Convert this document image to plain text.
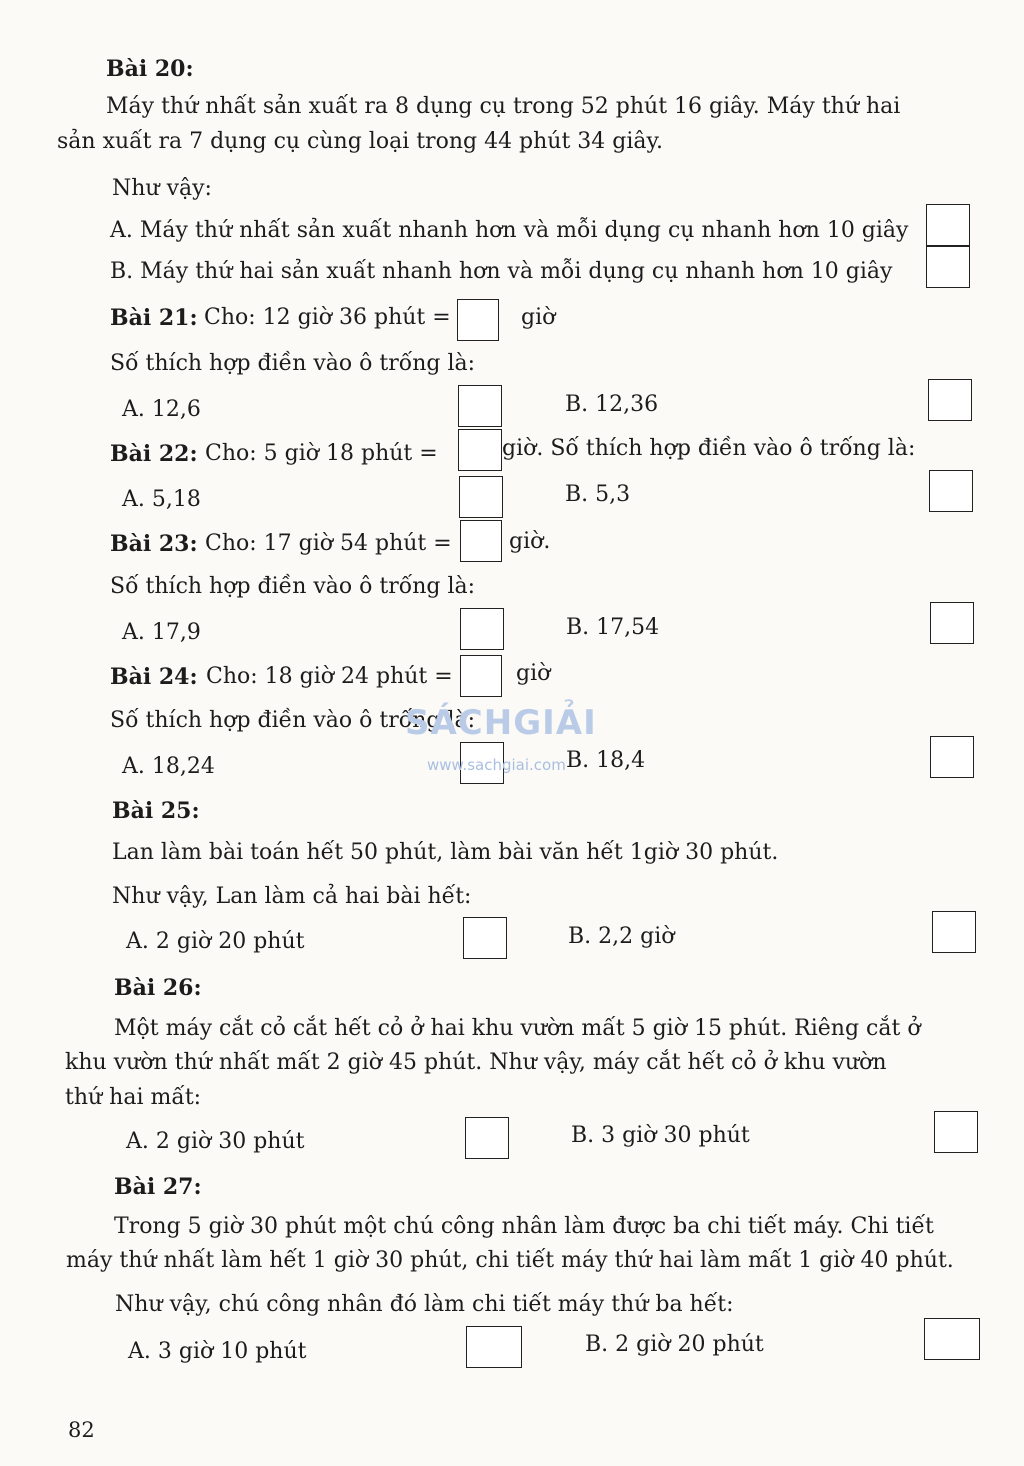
Bài 20:
Máy thứ nhất sản xuất ra 8 dụng cụ trong 52 phút 16 giây. Máy thứ hai
sản xuất ra 7 dụng cụ cùng loại trong 44 phút 34 giây.
Như vậy:
A. Máy thứ nhất sản xuất nhanh hơn và mỗi dụng cụ nhanh hơn 10 giây
B. Máy thứ hai sản xuất nhanh hơn và mỗi dụng cụ nhanh hơn 10 giây
Bài 21: Cho: 12 giờ 36 phút =	giờ
Số thích hợp điền vào ô trống là:
A. 12,6	B. 12,36
Bài 22: Cho: 5 giờ 18 phút =	giờ. Số thích hợp điền vào ô trống là:
A. 5,18	B. 5,3
Bài 23: Cho: 17 giờ 54 phút =	giờ.
Số thích hợp điền vào ô trống là:
A. 17,9	B. 17,54
Bài 24: Cho: 18 giờ 24 phút =	giờ
Số thích hợp điền vào ô trống là:
A. 18,24	B. 18,4
SÁCHGIẢI
www.sachgiai.com
Bài 25:
Lan làm bài toán hết 50 phút, làm bài văn hết 1giờ 30 phút.
Như vậy, Lan làm cả hai bài hết:
A. 2 giờ 20 phút	B. 2,2 giờ
Bài 26:
Một máy cắt cỏ cắt hết cỏ ở hai khu vườn mất 5 giờ 15 phút. Riêng cắt ở
khu vườn thứ nhất mất 2 giờ 45 phút. Như vậy, máy cắt hết cỏ ở khu vườn
thứ hai mất:
A. 2 giờ 30 phút	B. 3 giờ 30 phút
Bài 27:
Trong 5 giờ 30 phút một chú công nhân làm được ba chi tiết máy. Chi tiết
máy thứ nhất làm hết 1 giờ 30 phút, chi tiết máy thứ hai làm mất 1 giờ 40 phút.
Như vậy, chú công nhân đó làm chi tiết máy thứ ba hết:
A. 3 giờ 10 phút	B. 2 giờ 20 phút
82
